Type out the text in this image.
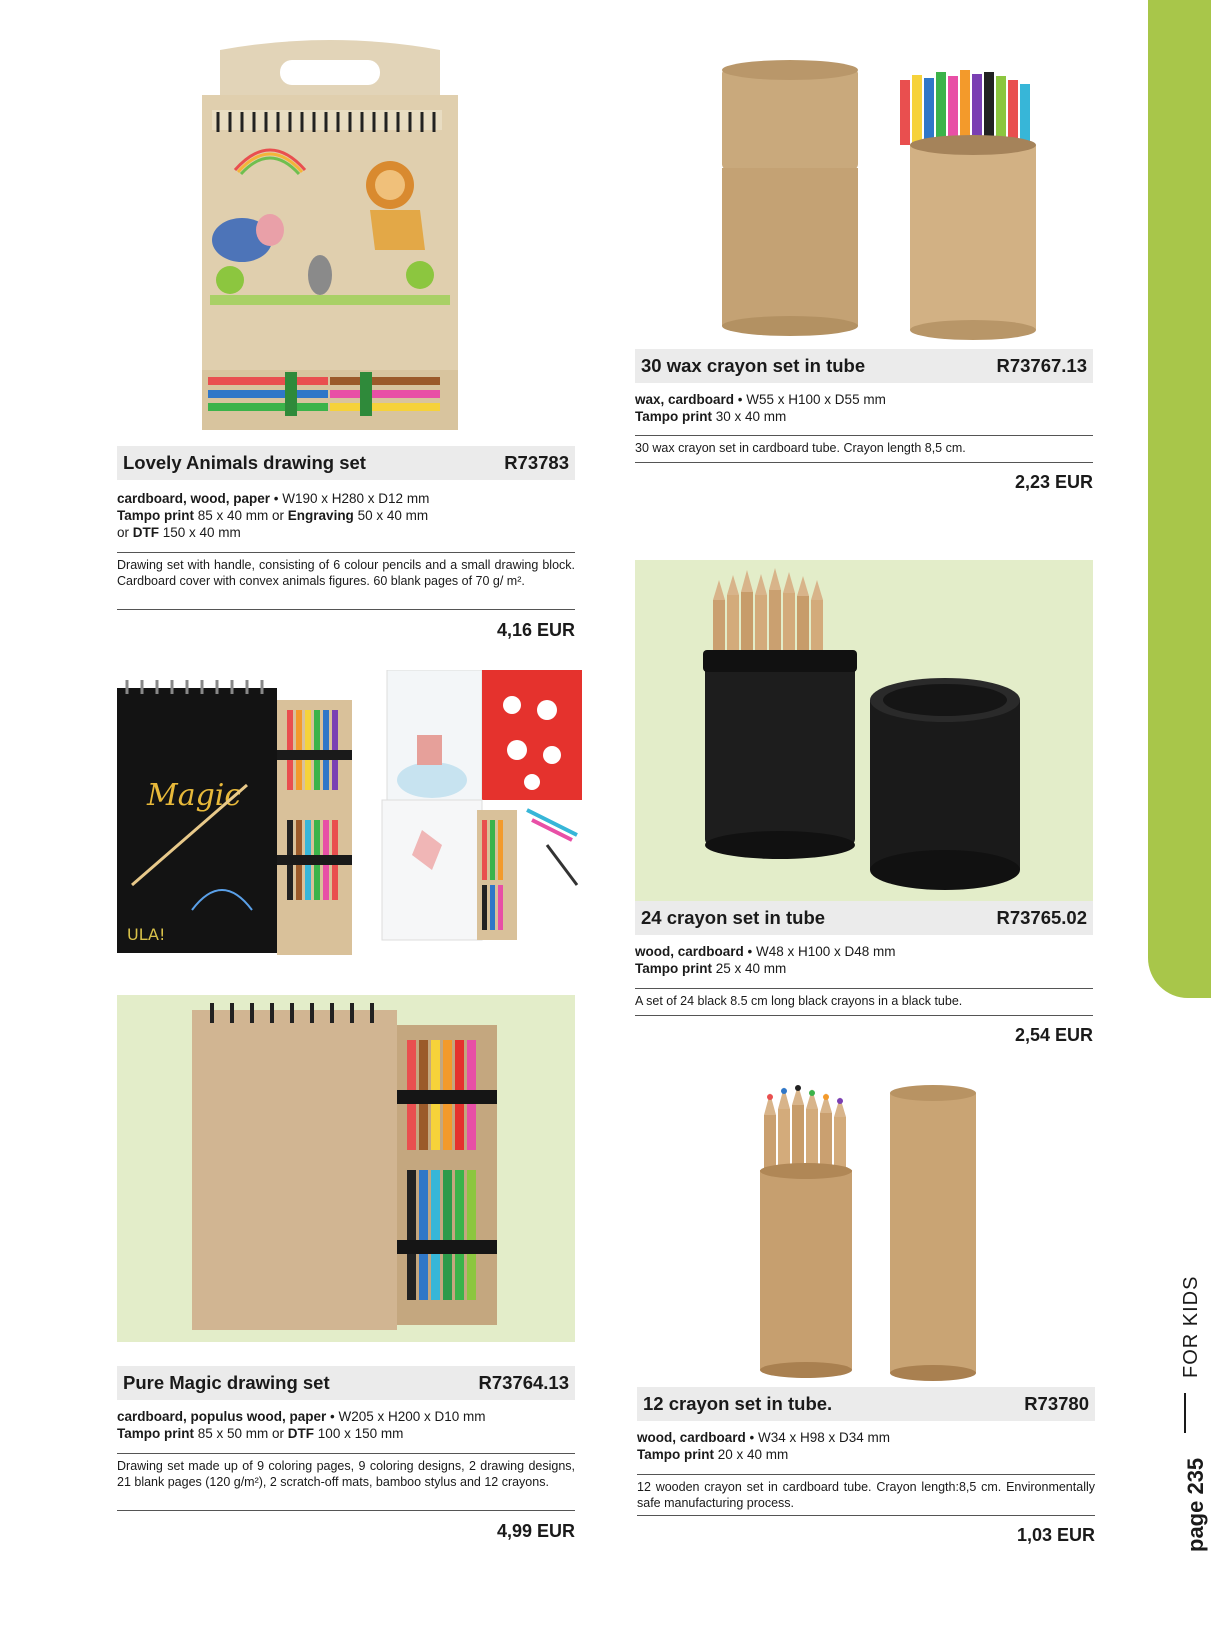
FOR KIDS
page 235
Lovely Animals drawing set	R73783
cardboard, wood, paper • W190 x H280 x D12 mm
Tampo print 85 x 40 mm or Engraving 50 x 40 mm
or DTF 150 x 40 mm
Drawing set with handle, consisting of 6 colour pencils and a small drawing block. Cardboard cover with convex animals figures. 60 blank pages of 70 g/ m².
4,16 EUR
30 wax crayon set in tube	R73767.13
wax, cardboard • W55 x H100 x D55 mm
Tampo print 30 x 40 mm
30 wax crayon set in cardboard tube. Crayon length 8,5 cm.
2,23 EUR
Magic
ULA!
24 crayon set in tube	R73765.02
wood, cardboard • W48 x H100 x D48 mm
Tampo print 25 x 40 mm
A set of 24 black 8.5 cm long black crayons in a black tube.
2,54 EUR
Pure Magic drawing set	R73764.13
cardboard, populus wood, paper • W205 x H200 x D10 mm
Tampo print 85 x 50 mm or DTF 100 x 150 mm
Drawing set made up of 9 coloring pages, 9 coloring designs, 2 drawing designs, 21 blank pages (120 g/m²), 2 scratch-off mats, bamboo stylus and 12 crayons.
4,99 EUR
12 crayon set in tube.	R73780
wood, cardboard • W34 x H98 x D34 mm
Tampo print 20 x 40 mm
12 wooden crayon set in cardboard tube. Crayon length:8,5 cm. Environmentally safe manufacturing process.
1,03 EUR
